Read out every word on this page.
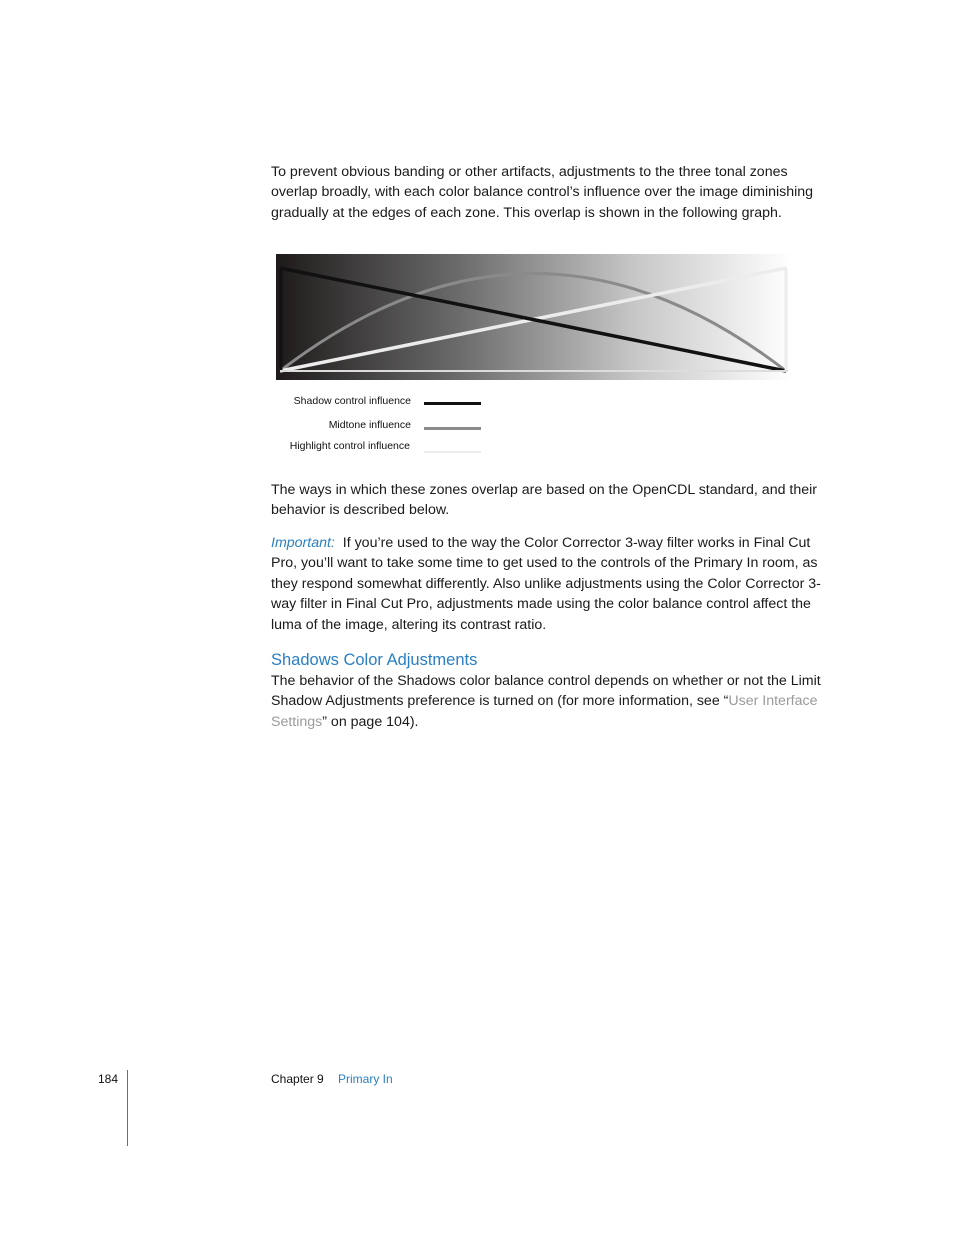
To prevent obvious banding or other artifacts, adjustments to the three tonal zones overlap broadly, with each color balance control’s influence over the image diminishing gradually at the edges of each zone. This overlap is shown in the following graph.

Shadow control influence
Midtone influence
Highlight control influence

The ways in which these zones overlap are based on the OpenCDL standard, and their behavior is described below.

Important: If you’re used to the way the Color Corrector 3-way filter works in Final Cut Pro, you’ll want to take some time to get used to the controls of the Primary In room, as they respond somewhat differently. Also unlike adjustments using the Color Corrector 3-way filter in Final Cut Pro, adjustments made using the color balance control affect the luma of the image, altering its contrast ratio.

Shadows Color Adjustments

The behavior of the Shadows color balance control depends on whether or not the Limit Shadow Adjustments preference is turned on (for more information, see “User Interface Settings” on page 104).

184	Chapter 9 Primary In
